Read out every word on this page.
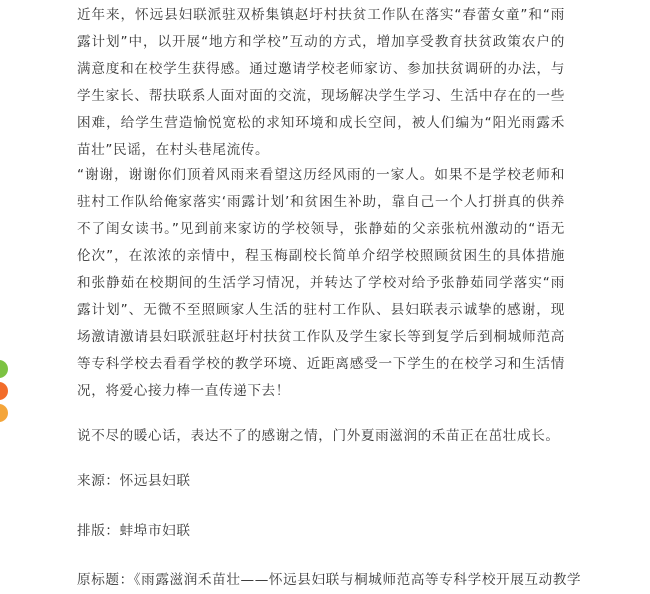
近年来，怀远县妇联派驻双桥集镇赵圩村扶贫工作队在落实“春蕾女童”和“雨露计划”中，以开展“地方和学校”互动的方式，增加享受教育扶贫政策农户的满意度和在校学生获得感。通过邀请学校老师家访、参加扶贫调研的办法，与学生家长、帮扶联系人面对面的交流，现场解决学生学习、生活中存在的一些困难，给学生营造愉悦宽松的求知环境和成长空间，被人们编为“阳光雨露禾苗壮”民谣，在村头巷尾流传。

“谢谢，谢谢你们顶着风雨来看望这历经风雨的一家人。如果不是学校老师和驻村工作队给俺家落实‘雨露计划’和贫困生补助，靠自己一个人打拼真的供养不了闺女读书。”见到前来家访的学校领导，张静茹的父亲张杭州激动的“语无伦次”，在浓浓的亲情中，程玉梅副校长简单介绍学校照顾贫困生的具体措施和张静茹在校期间的生活学习情况，并转达了学校对给予张静茹同学落实“雨露计划”、无微不至照顾家人生活的驻村工作队、县妇联表示诚挚的感谢，现场激请激请县妇联派驻赵圩村扶贫工作队及学生家长等到复学后到桐城师范高等专科学校去看看学校的教学环境、近距离感受一下学生的在校学习和生活情况，将爱心接力棒一直传递下去！

说不尽的暖心话，表达不了的感谢之情，门外夏雨滋润的禾苗正在茁壮成长。

来源：怀远县妇联

排版：蚌埠市妇联

原标题：《雨露滋润禾苗壮——怀远县妇联与桐城师范高等专科学校开展互动教学
